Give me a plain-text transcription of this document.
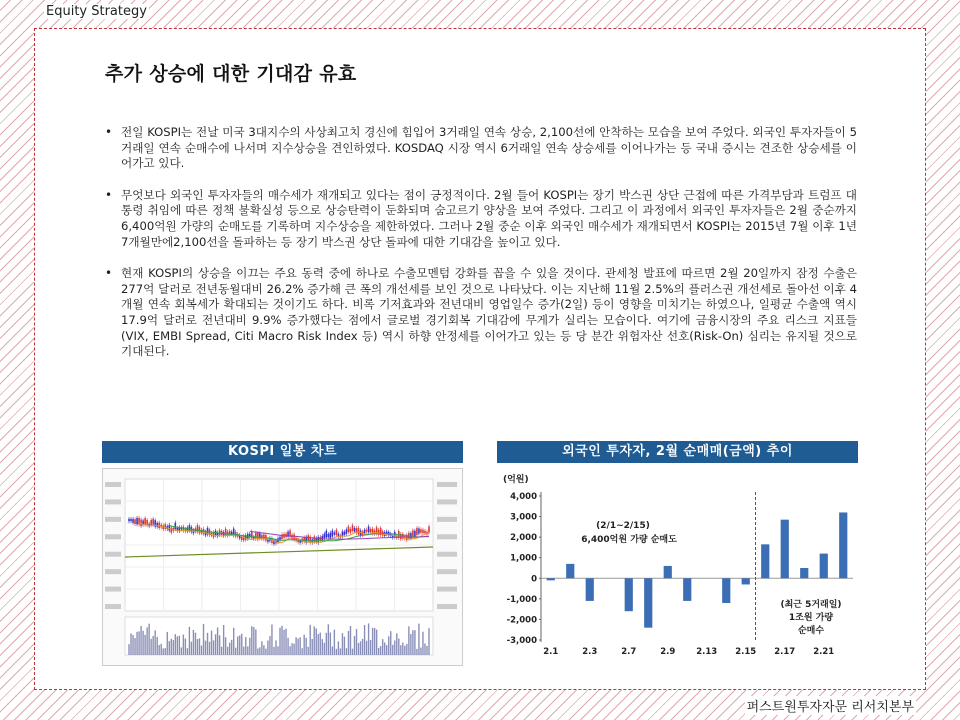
Equity Strategy
추가 상승에 대한 기대감 유효
• 전일 KOSPI는 전날 미국 3대지수의 사상최고치 경신에 힘입어 3거래일 연속 상승, 2,100선에 안착하는 모습을 보여 주었다. 외국인 투자자들이 5거래일 연속 순매수에 나서며 지수상승을 견인하였다. KOSDAQ 시장 역시 6거래일 연속 상승세를 이어나가는 등 국내 증시는 견조한 상승세를 이어가고 있다.
• 무엇보다 외국인 투자자들의 매수세가 재개되고 있다는 점이 긍정적이다. 2월 들어 KOSPI는 장기 박스권 상단 근접에 따른 가격부담과 트럼프 대통령 취임에 따른 정책 불확실성 등으로 상승탄력이 둔화되며 숨고르기 양상을 보여 주었다. 그리고 이 과정에서 외국인 투자자들은 2월 중순까지 6,400억원 가량의 순매도를 기록하며 지수상승을 제한하였다. 그러나 2월 중순 이후 외국인 매수세가 재개되면서 KOSPI는 2015년 7월 이후 1년 7개월만에2,100선을 돌파하는 등 장기 박스권 상단 돌파에 대한 기대감을 높이고 있다.
• 현재 KOSPI의 상승을 이끄는 주요 동력 중에 하나로 수출모멘텀 강화를 꼽을 수 있을 것이다. 관세청 발표에 따르면 2월 20일까지 잠정 수출은 277억 달러로 전년동월대비 26.2% 증가해 큰 폭의 개선세를 보인 것으로 나타났다. 이는 지난해 11월 2.5%의 플러스권 개선세로 돌아선 이후 4개월 연속 회복세가 확대되는 것이기도 하다. 비록 기저효과와 전년대비 영업일수 증가(2일) 등이 영향을 미치기는 하였으나, 일평균 수출액 역시 17.9억 달러로 전년대비 9.9% 증가했다는 점에서 글로벌 경기회복 기대감에 무게가 실리는 모습이다. 여기에 금융시장의 주요 리스크 지표들(VIX, EMBI Spread, Citi Macro Risk Index 등) 역시 하향 안정세를 이어가고 있는 등 당 분간 위험자산 선호(Risk-On) 심리는 유지될 것으로 기대된다.
KOSPI 일봉 차트	외국인 투자자, 2월 순매매(금액) 추이
(억원)
4,000
3,000
2,000
1,000
0
-1,000
-2,000
-3,000
2.1	2.3	2.7	2.9 2.13 2.15 2.17 2.21
(2/1~2/15)
6,400억원 가량 순매도
(최근 5거래일)
1조원 가량
순매수
퍼스트원투자자문 리서치본부
